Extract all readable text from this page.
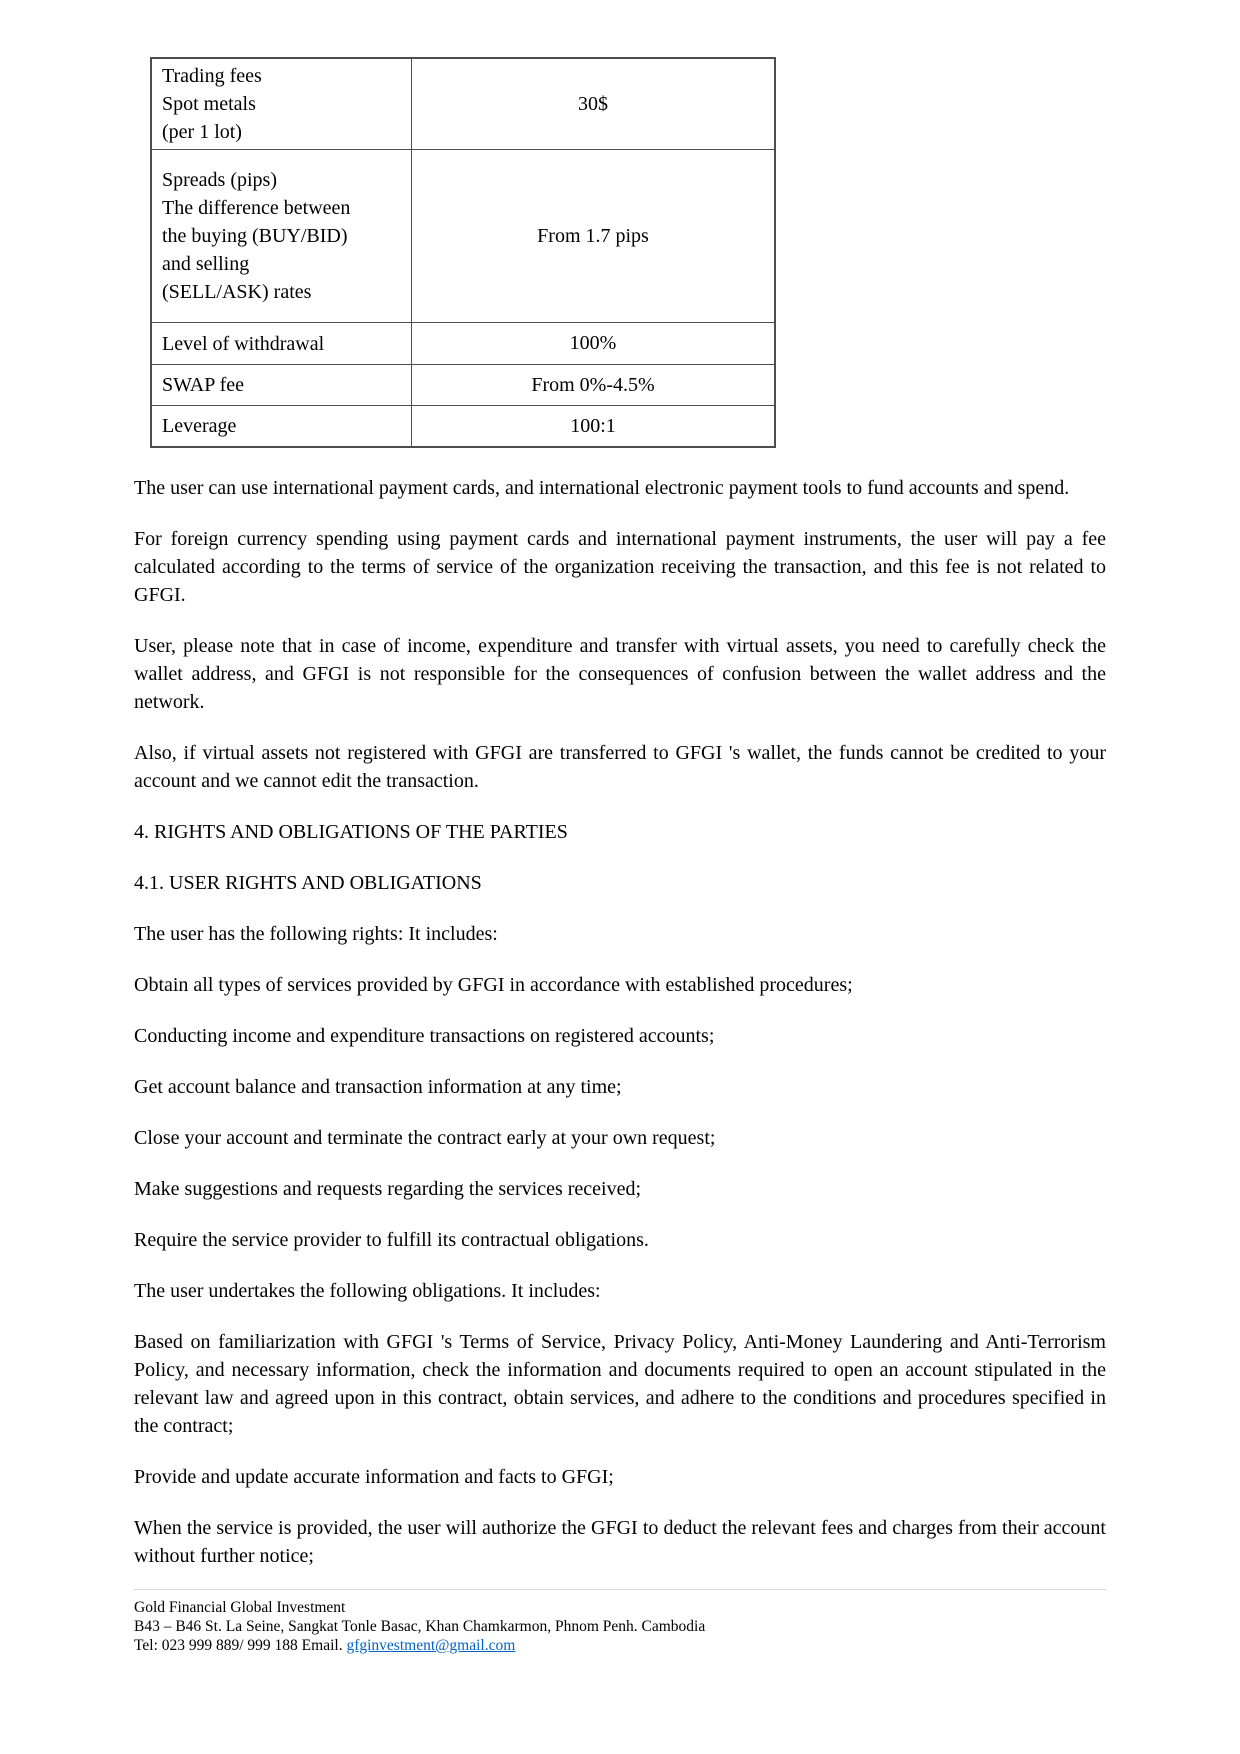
Trading fees
Spot metals
(per 1 lot)	30$

Spreads (pips)
The difference between
the buying (BUY/BID)
and selling
(SELL/ASK) rates	From 1.7 pips

Level of withdrawal	100%

SWAP fee	From 0%-4.5%

Leverage	100:1

The user can use international payment cards, and international electronic payment tools to fund accounts and spend.

For foreign currency spending using payment cards and international payment instruments, the user will pay a fee calculated according to the terms of service of the organization receiving the transaction, and this fee is not related to GFGI.

User, please note that in case of income, expenditure and transfer with virtual assets, you need to carefully check the wallet address, and GFGI is not responsible for the consequences of confusion between the wallet address and the network.

Also, if virtual assets not registered with GFGI are transferred to GFGI 's wallet, the funds cannot be credited to your account and we cannot edit the transaction.

4. RIGHTS AND OBLIGATIONS OF THE PARTIES

4.1. USER RIGHTS AND OBLIGATIONS

The user has the following rights: It includes:

Obtain all types of services provided by GFGI in accordance with established procedures;

Conducting income and expenditure transactions on registered accounts;

Get account balance and transaction information at any time;

Close your account and terminate the contract early at your own request;

Make suggestions and requests regarding the services received;

Require the service provider to fulfill its contractual obligations.

The user undertakes the following obligations. It includes:

Based on familiarization with GFGI 's Terms of Service, Privacy Policy, Anti-Money Laundering and Anti-Terrorism Policy, and necessary information, check the information and documents required to open an account stipulated in the relevant law and agreed upon in this contract, obtain services, and adhere to the conditions and procedures specified in the contract;

Provide and update accurate information and facts to GFGI;

When the service is provided, the user will authorize the GFGI to deduct the relevant fees and charges from their account without further notice;

Gold Financial Global Investment
B43 – B46 St. La Seine, Sangkat Tonle Basac, Khan Chamkarmon, Phnom Penh. Cambodia
Tel: 023 999 889/ 999 188 Email. gfginvestment@gmail.com
